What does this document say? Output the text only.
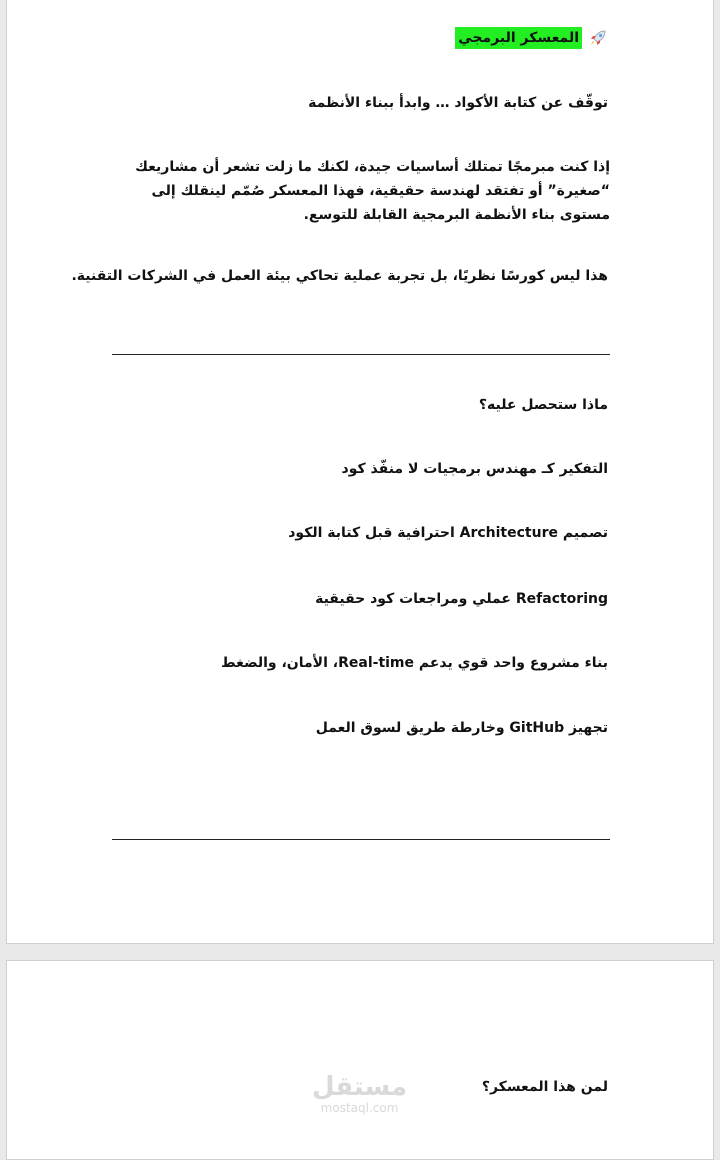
المعسكر البرمجي
توقّف عن كتابة الأكواد … وابدأ ببناء الأنظمة
إذا كنت مبرمجًا تمتلك أساسيات جيدة، لكنك ما زلت تشعر أن مشاريعك “صغيرة” أو تفتقد لهندسة حقيقية، فهذا المعسكر صُمّم لينقلك إلى مستوى بناء الأنظمة البرمجية القابلة للتوسع.
هذا ليس كورسًا نظريًا، بل تجربة عملية تحاكي بيئة العمل في الشركات التقنية.
ماذا ستحصل عليه؟
التفكير كـ مهندس برمجيات لا منفّذ كود
تصميم Architecture احترافية قبل كتابة الكود
Refactoring عملي ومراجعات كود حقيقية
بناء مشروع واحد قوي يدعم Real-time، الأمان، والضغط
تجهيز GitHub وخارطة طريق لسوق العمل
لمن هذا المعسكر؟
مستقل
mostaql.com
